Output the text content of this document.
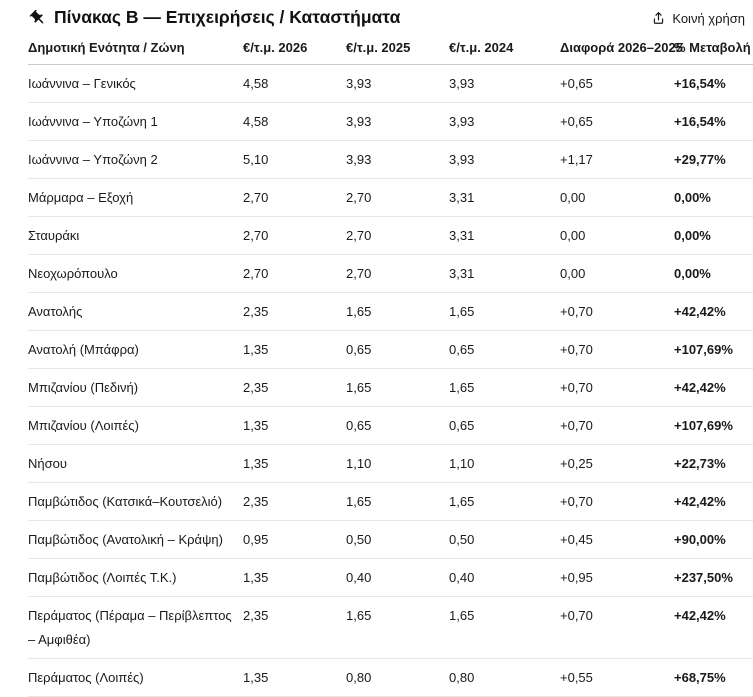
Πίνακας Β — Επιχειρήσεις / Καταστήματα	Κοινή χρήση
Δημοτική Ενότητα / Ζώνη	€/τ.μ. 2026	€/τ.μ. 2025	€/τ.μ. 2024	Διαφορά 2026–2025	% Μεταβολή
Ιωάννινα – Γενικός	4,58	3,93	3,93	+0,65	+16,54%
Ιωάννινα – Υποζώνη 1	4,58	3,93	3,93	+0,65	+16,54%
Ιωάννινα – Υποζώνη 2	5,10	3,93	3,93	+1,17	+29,77%
Μάρμαρα – Εξοχή	2,70	2,70	3,31	0,00	0,00%
Σταυράκι	2,70	2,70	3,31	0,00	0,00%
Νεοχωρόπουλο	2,70	2,70	3,31	0,00	0,00%
Ανατολής	2,35	1,65	1,65	+0,70	+42,42%
Ανατολή (Μπάφρα)	1,35	0,65	0,65	+0,70	+107,69%
Μπιζανίου (Πεδινή)	2,35	1,65	1,65	+0,70	+42,42%
Μπιζανίου (Λοιπές)	1,35	0,65	0,65	+0,70	+107,69%
Νήσου	1,35	1,10	1,10	+0,25	+22,73%
Παμβώτιδος (Κατσικά–Κουτσελιό)	2,35	1,65	1,65	+0,70	+42,42%
Παμβώτιδος (Ανατολική – Κράψη)	0,95	0,50	0,50	+0,45	+90,00%
Παμβώτιδος (Λοιπές Τ.Κ.)	1,35	0,40	0,40	+0,95	+237,50%
Περάματος (Πέραμα – Περίβλεπτος – Αμφιθέα)	2,35	1,65	1,65	+0,70	+42,42%
Περάματος (Λοιπές)	1,35	0,80	0,80	+0,55	+68,75%
